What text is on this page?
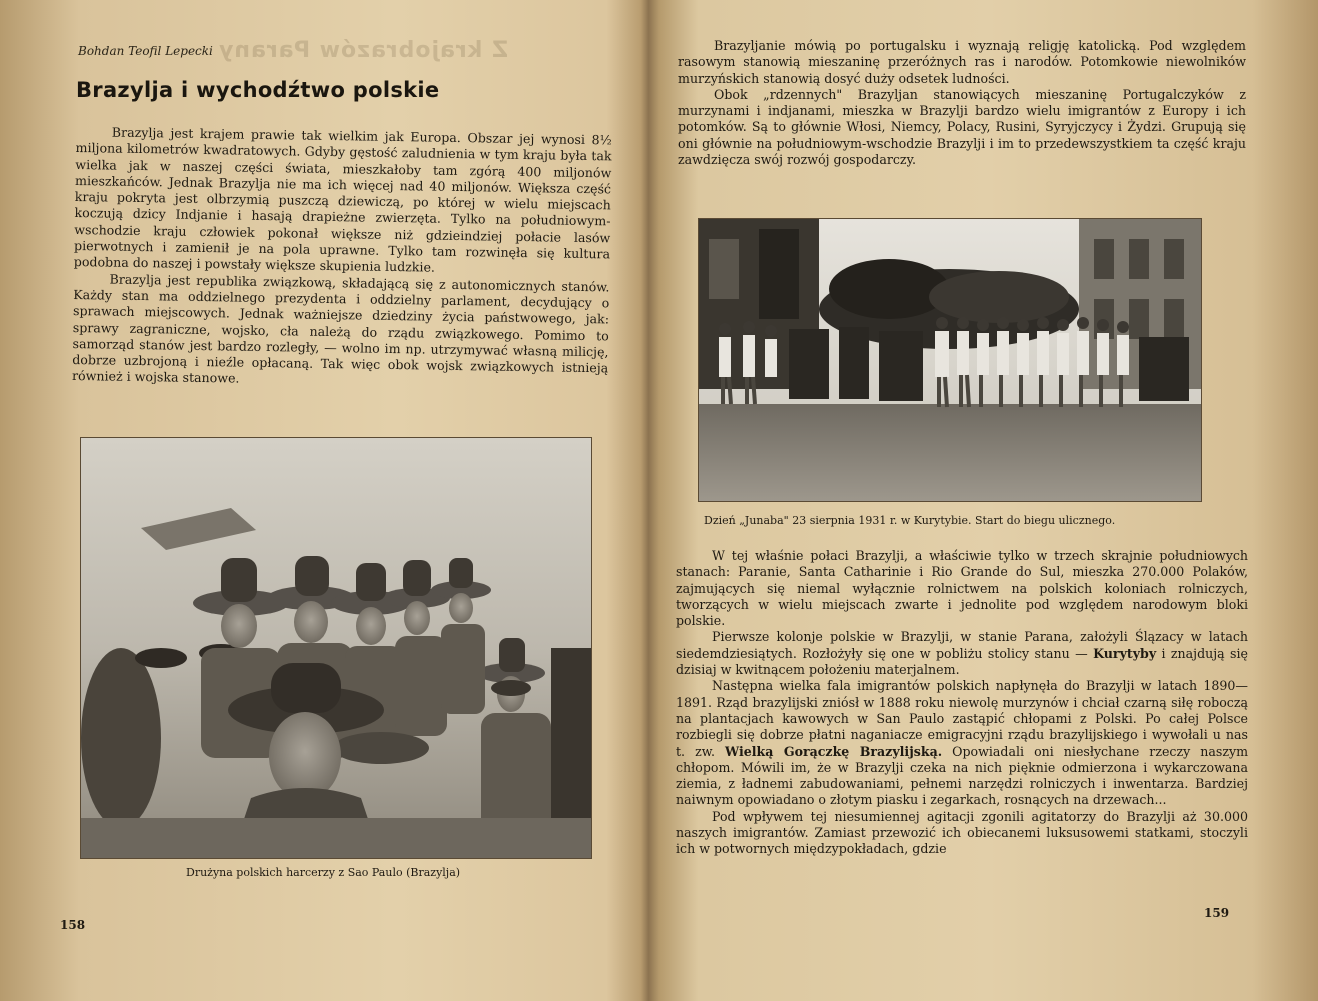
Z krajobrazów Parany
Bohdan Teofil Lepecki
Brazylja i wychodźtwo polskie

Brazylja jest krajem prawie tak wielkim jak Europa. Obszar jej wynosi 8½ miljona kilometrów kwadratowych. Gdyby gęstość zaludnienia w tym kraju była tak wielka jak w naszej części świata, mieszkałoby tam zgórą 400 miljonów mieszkańców. Jednak Brazylja nie ma ich więcej nad 40 miljonów. Większa część kraju pokryta jest olbrzymią puszczą dziewiczą, po której w wielu miejscach koczują dzicy Indjanie i hasają drapieżne zwierzęta. Tylko na południowym-wschodzie kraju człowiek pokonał większe niż gdzieindziej połacie lasów pierwotnych i zamienił je na pola uprawne. Tylko tam rozwinęła się kultura podobna do naszej i powstały większe skupienia ludzkie.

Brazylja jest republika związkową, składającą się z autonomicznych stanów. Każdy stan ma oddzielnego prezydenta i oddzielny parlament, decydujący o sprawach miejscowych. Jednak ważniejsze dziedziny życia państwowego, jak: sprawy zagraniczne, wojsko, cła należą do rządu związkowego. Pomimo to samorząd stanów jest bardzo rozległy, — wolno im np. utrzymywać własną milicję, dobrze uzbrojoną i nieźle opłacaną. Tak więc obok wojsk związkowych istnieją również i wojska stanowe.

Drużyna polskich harcerzy z Sao Paulo (Brazylja)
158

Brazyljanie mówią po portugalsku i wyznają religję katolicką. Pod względem rasowym stanowią mieszaninę przeróżnych ras i narodów. Potomkowie niewolników murzyńskich stanowią dosyć duży odsetek ludności.

Obok „rdzennych" Brazyljan stanowiących mieszaninę Portugalczyków z murzynami i indjanami, mieszka w Brazylji bardzo wielu imigrantów z Europy i ich potomków. Są to głównie Włosi, Niemcy, Polacy, Rusini, Syryjczycy i Żydzi. Grupują się oni głównie na południowym-wschodzie Brazylji i im to przedewszystkiem ta część kraju zawdzięcza swój rozwój gospodarczy.

Dzień „Junaba" 23 sierpnia 1931 r. w Kurytybie. Start do biegu ulicznego.

W tej właśnie połaci Brazylji, a właściwie tylko w trzech skrajnie południowych stanach: Paranie, Santa Catharinie i Rio Grande do Sul, mieszka 270.000 Polaków, zajmujących się niemal wyłącznie rolnictwem na polskich koloniach rolniczych, tworzących w wielu miejscach zwarte i jednolite pod względem narodowym bloki polskie.

Pierwsze kolonje polskie w Brazylji, w stanie Parana, założyli Ślązacy w latach siedemdziesiątych. Rozłożyły się one w pobliżu stolicy stanu — Kurytyby i znajdują się dzisiaj w kwitnącem położeniu materjalnem.

Następna wielka fala imigrantów polskich napłynęła do Brazylji w latach 1890—1891. Rząd brazylijski zniósł w 1888 roku niewolę murzynów i chciał czarną siłę roboczą na plantacjach kawowych w San Paulo zastąpić chłopami z Polski. Po całej Polsce rozbiegli się dobrze płatni naganiacze emigracyjni rządu brazylijskiego i wywołali u nas t. zw. Wielką Gorączkę Brazylijską. Opowiadali oni niesłychane rzeczy naszym chłopom. Mówili im, że w Brazylji czeka na nich pięknie odmierzona i wykarczowana ziemia, z ładnemi zabudowaniami, pełnemi narzędzi rolniczych i inwentarza. Bardziej naiwnym opowiadano o złotym piasku i zegarkach, rosnących na drzewach...

Pod wpływem tej niesumiennej agitacji zgonili agitatorzy do Brazylji aż 30.000 naszych imigrantów. Zamiast przewozić ich obiecanemi luksusowemi statkami, stoczyli ich w potwornych międzypokładach, gdzie

159
